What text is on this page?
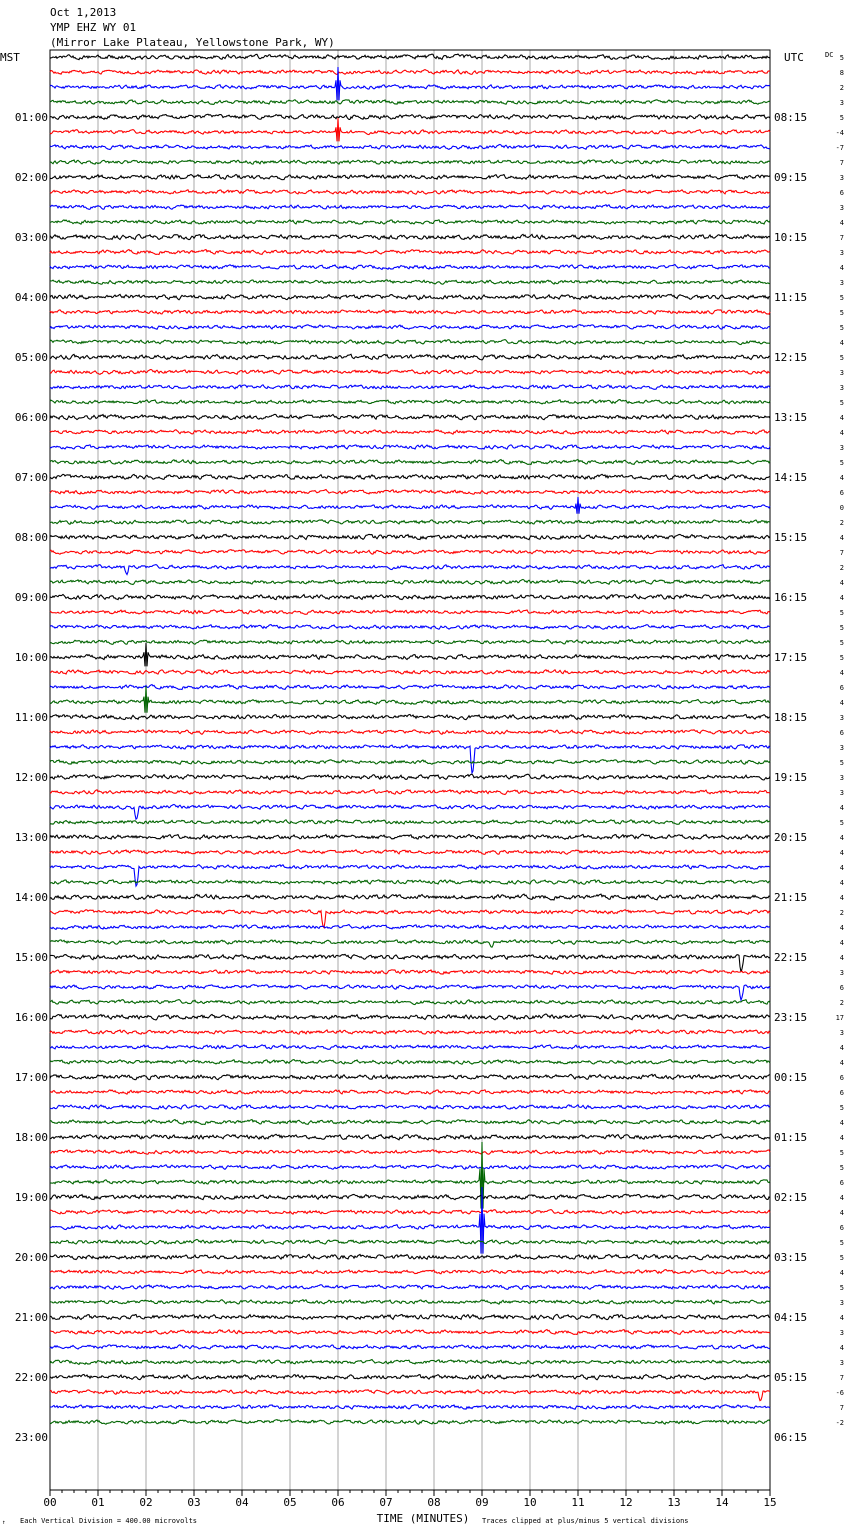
Oct 1,2013
YMP EHZ WY 01
(Mirror Lake Plateau, Yellowstone Park, WY)
MST	UTC	DC
01:00
02:00
03:00
04:00
05:00
06:00
07:00
08:00
09:00
10:00
11:00
12:00
13:00
14:00
15:00
16:00
17:00
18:00
19:00
20:00
21:00
22:00
23:00
08:15
09:15
10:15
11:15
12:15
13:15
14:15
15:15
16:15
17:15
18:15
19:15
20:15
21:15
22:15
23:15
00:15
01:15
02:15
03:15
04:15
05:15
06:15
5
8
2
3
5
-4
-7
7
3
6
3
4
7
3
4
3
5
5
5
4
5
3
3
5
4
4
3
5
4
6
0
2
4
7
2
4
4
5
5
5
5
4
6
4
3
6
3
5
3
3
4
5
4
4
4
4
4
2
4
4
4
3
6
2
17
3
4
4
6
6
5
4
4
5
5
6
4
4
6
5
5
4
5
3
4
3
4
3
7
-6
7
-2
00	01	02	03	04	05	06	07	08	09	10	11	12	13	14	15
TIME (MINUTES)
Each Vertical Division = 400.00 microvolts	Traces clipped at plus/minus 5 vertical divisions
↑
